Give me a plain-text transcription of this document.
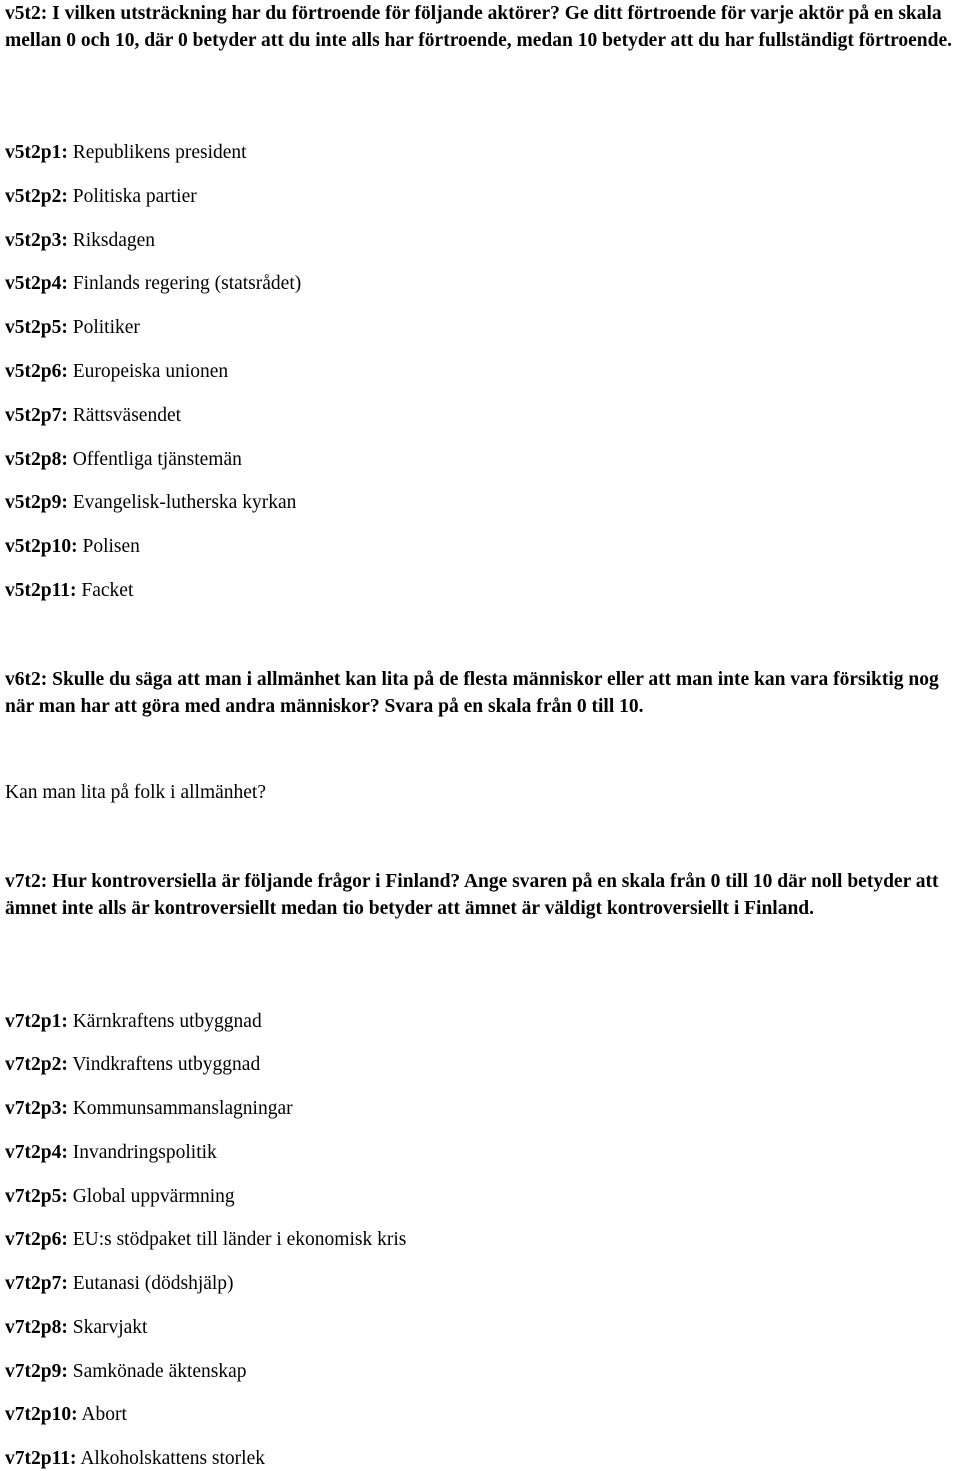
v5t2: I vilken utsträckning har du förtroende för följande aktörer? Ge ditt förtroende för varje aktör på en skala mellan 0 och 10, där 0 betyder att du inte alls har förtroende, medan 10 betyder att du har fullständigt förtroende.
v5t2p1: Republikens president
v5t2p2: Politiska partier
v5t2p3: Riksdagen
v5t2p4: Finlands regering (statsrådet)
v5t2p5: Politiker
v5t2p6: Europeiska unionen
v5t2p7: Rättsväsendet
v5t2p8: Offentliga tjänstemän
v5t2p9: Evangelisk-lutherska kyrkan
v5t2p10: Polisen
v5t2p11: Facket
v6t2: Skulle du säga att man i allmänhet kan lita på de flesta människor eller att man inte kan vara försiktig nog när man har att göra med andra människor? Svara på en skala från 0 till 10.
Kan man lita på folk i allmänhet?
v7t2: Hur kontroversiella är följande frågor i Finland? Ange svaren på en skala från 0 till 10 där noll betyder att ämnet inte alls är kontroversiellt medan tio betyder att ämnet är väldigt kontroversiellt i Finland.
v7t2p1: Kärnkraftens utbyggnad
v7t2p2: Vindkraftens utbyggnad
v7t2p3: Kommunsammanslagningar
v7t2p4: Invandringspolitik
v7t2p5: Global uppvärmning
v7t2p6: EU:s stödpaket till länder i ekonomisk kris
v7t2p7: Eutanasi (dödshjälp)
v7t2p8: Skarvjakt
v7t2p9: Samkönade äktenskap
v7t2p10: Abort
v7t2p11: Alkoholskattens storlek
